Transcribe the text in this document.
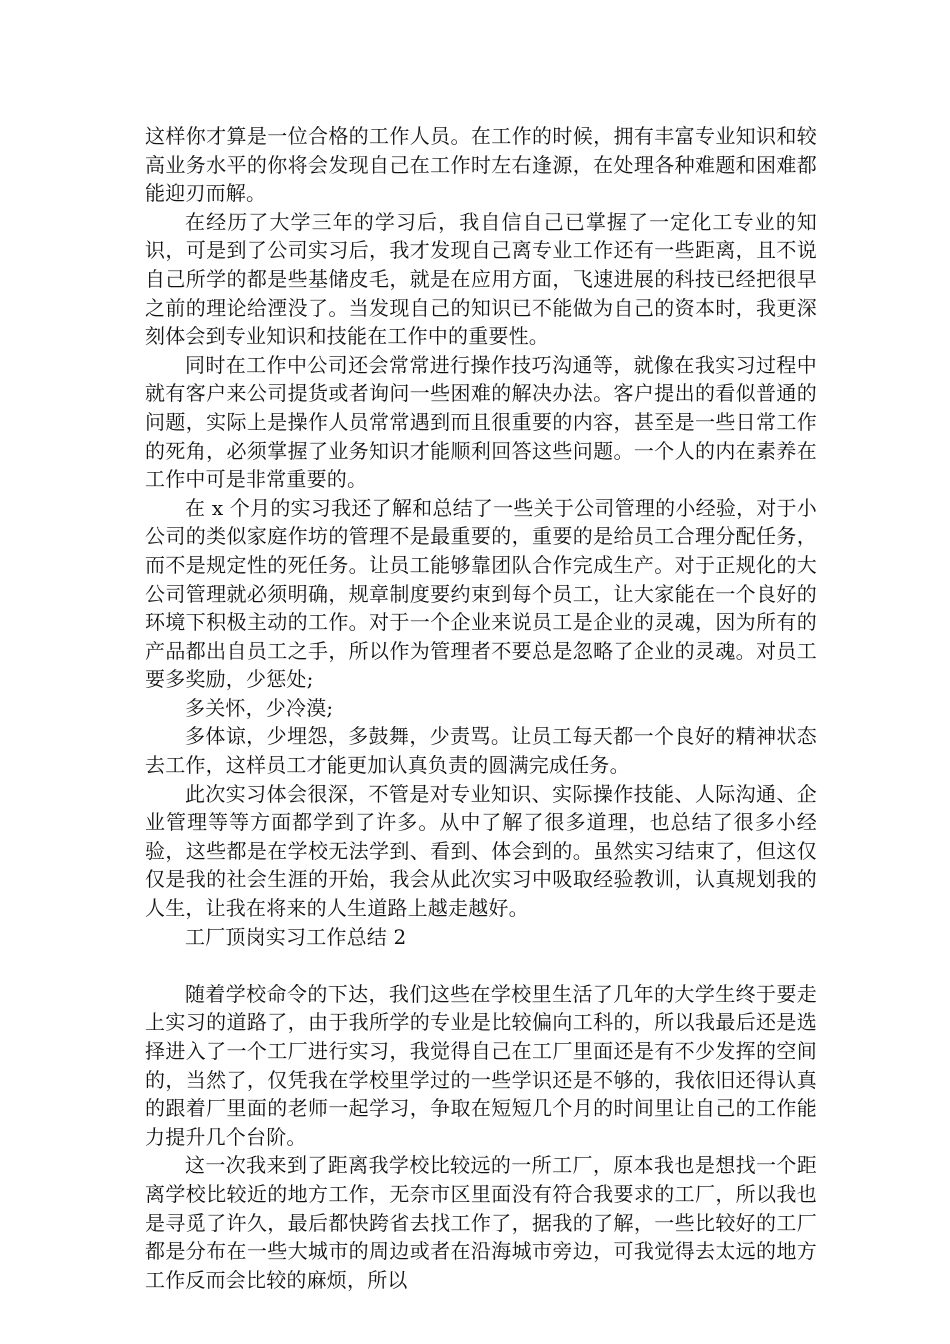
这样你才算是一位合格的工作人员。在工作的时候，拥有丰富专业知识和较高业务水平的你将会发现自己在工作时左右逢源，在处理各种难题和困难都能迎刃而解。

在经历了大学三年的学习后，我自信自己已掌握了一定化工专业的知识，可是到了公司实习后，我才发现自己离专业工作还有一些距离，且不说自己所学的都是些基储皮毛，就是在应用方面，飞速进展的科技已经把很早之前的理论给湮没了。当发现自己的知识已不能做为自己的资本时，我更深刻体会到专业知识和技能在工作中的重要性。

同时在工作中公司还会常常进行操作技巧沟通等，就像在我实习过程中就有客户来公司提货或者询问一些困难的解决办法。客户提出的看似普通的问题，实际上是操作人员常常遇到而且很重要的内容，甚至是一些日常工作的死角，必须掌握了业务知识才能顺利回答这些问题。一个人的内在素养在工作中可是非常重要的。

在 x 个月的实习我还了解和总结了一些关于公司管理的小经验，对于小公司的类似家庭作坊的管理不是最重要的，重要的是给员工合理分配任务，而不是规定性的死任务。让员工能够靠团队合作完成生产。对于正规化的大公司管理就必须明确，规章制度要约束到每个员工，让大家能在一个良好的环境下积极主动的工作。对于一个企业来说员工是企业的灵魂，因为所有的产品都出自员工之手，所以作为管理者不要总是忽略了企业的灵魂。对员工要多奖励，少惩处;

多关怀，少冷漠;

多体谅，少埋怨，多鼓舞，少责骂。让员工每天都一个良好的精神状态去工作，这样员工才能更加认真负责的圆满完成任务。

此次实习体会很深，不管是对专业知识、实际操作技能、人际沟通、企业管理等等方面都学到了许多。从中了解了很多道理，也总结了很多小经验，这些都是在学校无法学到、看到、体会到的。虽然实习结束了，但这仅仅是我的社会生涯的开始，我会从此次实习中吸取经验教训，认真规划我的人生，让我在将来的人生道路上越走越好。

工厂顶岗实习工作总结 2

随着学校命令的下达，我们这些在学校里生活了几年的大学生终于要走上实习的道路了，由于我所学的专业是比较偏向工科的，所以我最后还是选择进入了一个工厂进行实习，我觉得自己在工厂里面还是有不少发挥的空间的，当然了，仅凭我在学校里学过的一些学识还是不够的，我依旧还得认真的跟着厂里面的老师一起学习，争取在短短几个月的时间里让自己的工作能力提升几个台阶。

这一次我来到了距离我学校比较远的一所工厂，原本我也是想找一个距离学校比较近的地方工作，无奈市区里面没有符合我要求的工厂，所以我也是寻觅了许久，最后都快跨省去找工作了，据我的了解，一些比较好的工厂都是分布在一些大城市的周边或者在沿海城市旁边，可我觉得去太远的地方工作反而会比较的麻烦，所以
